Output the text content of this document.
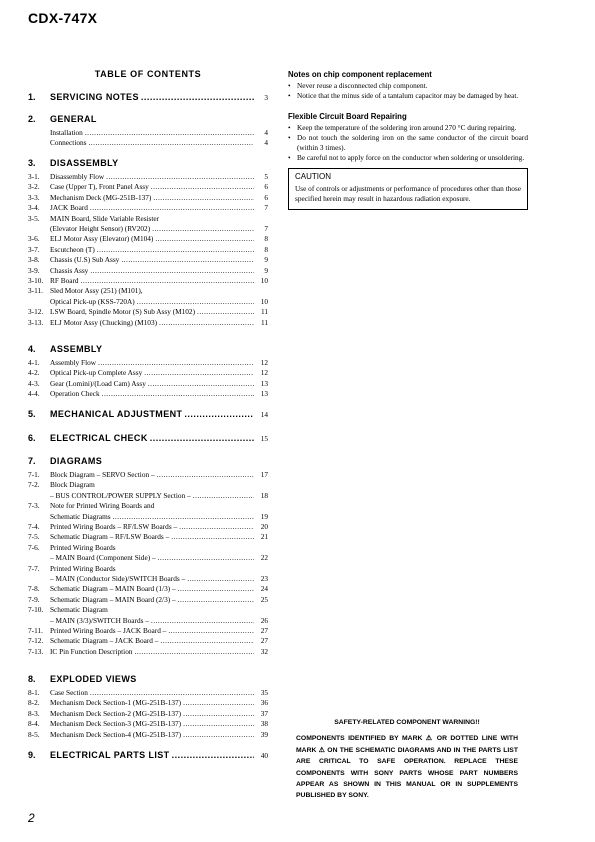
CDX-747X
TABLE OF CONTENTS
1.	SERVICING NOTES .....	3
2.	GENERAL
Installation .....	4
Connections .....	4
3.	DISASSEMBLY
3-1.	Disassembly Flow .....	5
3-2.	Case (Upper T), Front Panel Assy .....	6
3-3.	Mechanism Deck (MG-251B-137) .....	6
3-4.	JACK Board .....	7
3-5.	MAIN Board, Slide Variable Resister
(Elevator Height Sensor) (RV202) .....	7
3-6.	ELJ Motor Assy (Elevator) (M104) .....	8
3-7.	Escutcheon (T) .....	8
3-8.	Chassis (U.S) Sub Assy .....	9
3-9.	Chassis Assy .....	9
3-10. RF Board .....	10
3-11. Sled Motor Assy (251) (M101),
Optical Pick-up (KSS-720A) .....	10
3-12. LSW Board, Spindle Motor (S) Sub Assy (M102) .....	11
3-13. ELJ Motor Assy (Chucking) (M103) .....	11
4.	ASSEMBLY
4-1.	Assembly Flow .....	12
4-2.	Optical Pick-up Complete Assy .....	12
4-3.	Gear (Lomini)/(Load Cam) Assy .....	13
4-4.	Operation Check .....	13
5.	MECHANICAL ADJUSTMENT .....	14
6.	ELECTRICAL CHECK .....	15
7.	DIAGRAMS
7-1.	Block Diagram – SERVO Section – .....	17
7-2.	Block Diagram
– BUS CONTROL/POWER SUPPLY Section – .....	18
7-3.	Note for Printed Wiring Boards and
Schematic Diagrams .....	19
7-4.	Printed Wiring Boards – RF/LSW Boards – .....	20
7-5.	Schematic Diagram – RF/LSW Boards – .....	21
7-6.	Printed Wiring Boards
– MAIN Board (Component Side) – .....	22
7-7.	Printed Wiring Boards
– MAIN (Conductor Side)/SWITCH Boards – .....	23
7-8.	Schematic Diagram – MAIN Board (1/3) – .....	24
7-9.	Schematic Diagram – MAIN Board (2/3) – .....	25
7-10. Schematic Diagram
– MAIN (3/3)/SWITCH Boards – .....	26
7-11. Printed Wiring Boards – JACK Board – .....	27
7-12. Schematic Diagram – JACK Board – .....	27
7-13. IC Pin Function Description .....	32
8.	EXPLODED VIEWS
8-1.	Case Section .....	35
8-2.	Mechanism Deck Section-1 (MG-251B-137) .....	36
8-3.	Mechanism Deck Section-2 (MG-251B-137) .....	37
8-4.	Mechanism Deck Section-3 (MG-251B-137) .....	38
8-5.	Mechanism Deck Section-4 (MG-251B-137) .....	39
9.	ELECTRICAL PARTS LIST .....	40
Notes on chip component replacement
• Never reuse a disconnected chip component.
• Notice that the minus side of a tantalum capacitor may be damaged by heat.
Flexible Circuit Board Repairing
• Keep the temperature of the soldering iron around 270 °C during repairing.
• Do not touch the soldering iron on the same conductor of the circuit board (within 3 times).
• Be careful not to apply force on the conductor when soldering or unsoldering.
CAUTION
Use of controls or adjustments or performance of procedures other than those specified herein may result in hazardous radiation exposure.
SAFETY-RELATED COMPONENT WARNING!!
COMPONENTS IDENTIFIED BY MARK ⚠ OR DOTTED LINE WITH MARK ⚠ ON THE SCHEMATIC DIAGRAMS AND IN THE PARTS LIST ARE CRITICAL TO SAFE OPERATION. REPLACE THESE COMPONENTS WITH SONY PARTS WHOSE PART NUMBERS APPEAR AS SHOWN IN THIS MANUAL OR IN SUPPLEMENTS PUBLISHED BY SONY.
2
